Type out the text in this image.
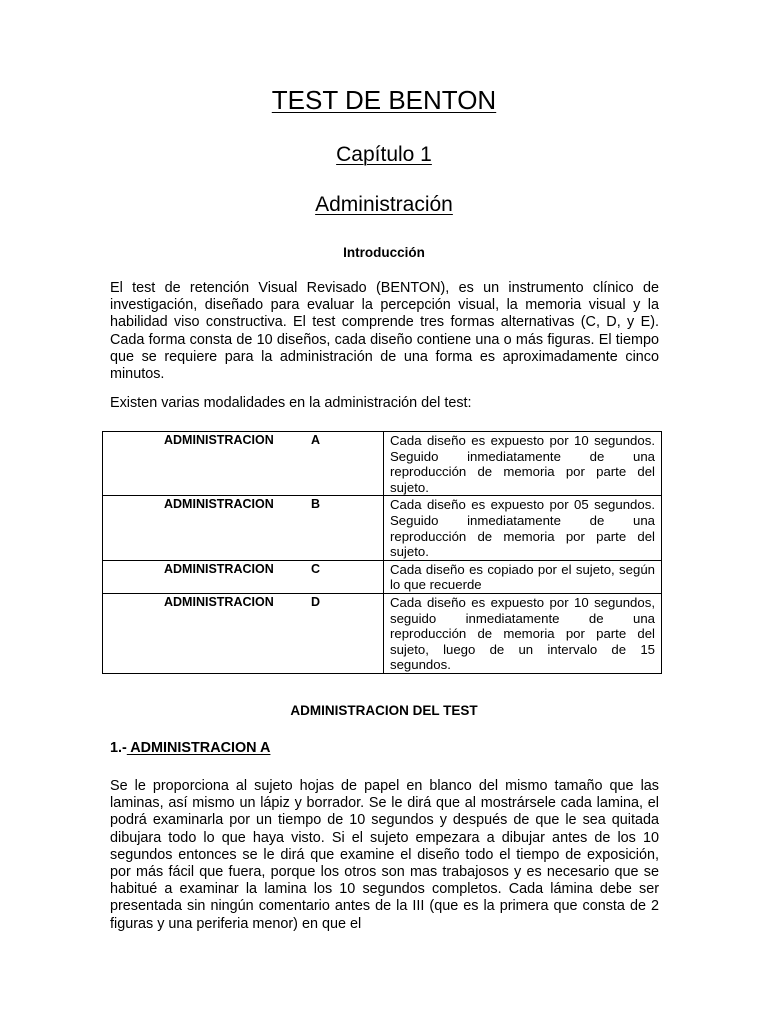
TEST DE BENTON
Capítulo 1
Administración
Introducción

El test de retención Visual Revisado (BENTON), es un instrumento clínico de investigación, diseñado para evaluar la percepción visual, la memoria visual y la habilidad viso constructiva. El test comprende tres formas alternativas (C, D, y E). Cada forma consta de 10 diseños, cada diseño contiene una o más figuras. El tiempo que se requiere para la administración de una forma es aproximadamente cinco minutos.

Existen varias modalidades en la administración del test:

ADMINISTRACION A	Cada diseño es expuesto por 10 segundos. Seguido inmediatamente de una reproducción de memoria por parte del sujeto.
ADMINISTRACION B	Cada diseño es expuesto por 05 segundos. Seguido inmediatamente de una reproducción de memoria por parte del sujeto.
ADMINISTRACION C	Cada diseño es copiado por el sujeto, según lo que recuerde
ADMINISTRACION D	Cada diseño es expuesto por 10 segundos, seguido inmediatamente de una reproducción de memoria por parte del sujeto, luego de un intervalo de 15 segundos.
ADMINISTRACION DEL TEST

1.- ADMINISTRACION A

Se le proporciona al sujeto hojas de papel en blanco del mismo tamaño que las laminas, así mismo un lápiz y borrador. Se le dirá que al mostrársele cada lamina, el podrá examinarla por un tiempo de 10 segundos y después de que le sea quitada dibujara todo lo que haya visto. Si el sujeto empezara a dibujar antes de los 10 segundos entonces se le dirá que examine el diseño todo el tiempo de exposición, por más fácil que fuera, porque los otros son mas trabajosos y es necesario que se habitué a examinar la lamina los 10 segundos completos. Cada lámina debe ser presentada sin ningún comentario antes de la III (que es la primera que consta de 2 figuras y una periferia menor) en que el
